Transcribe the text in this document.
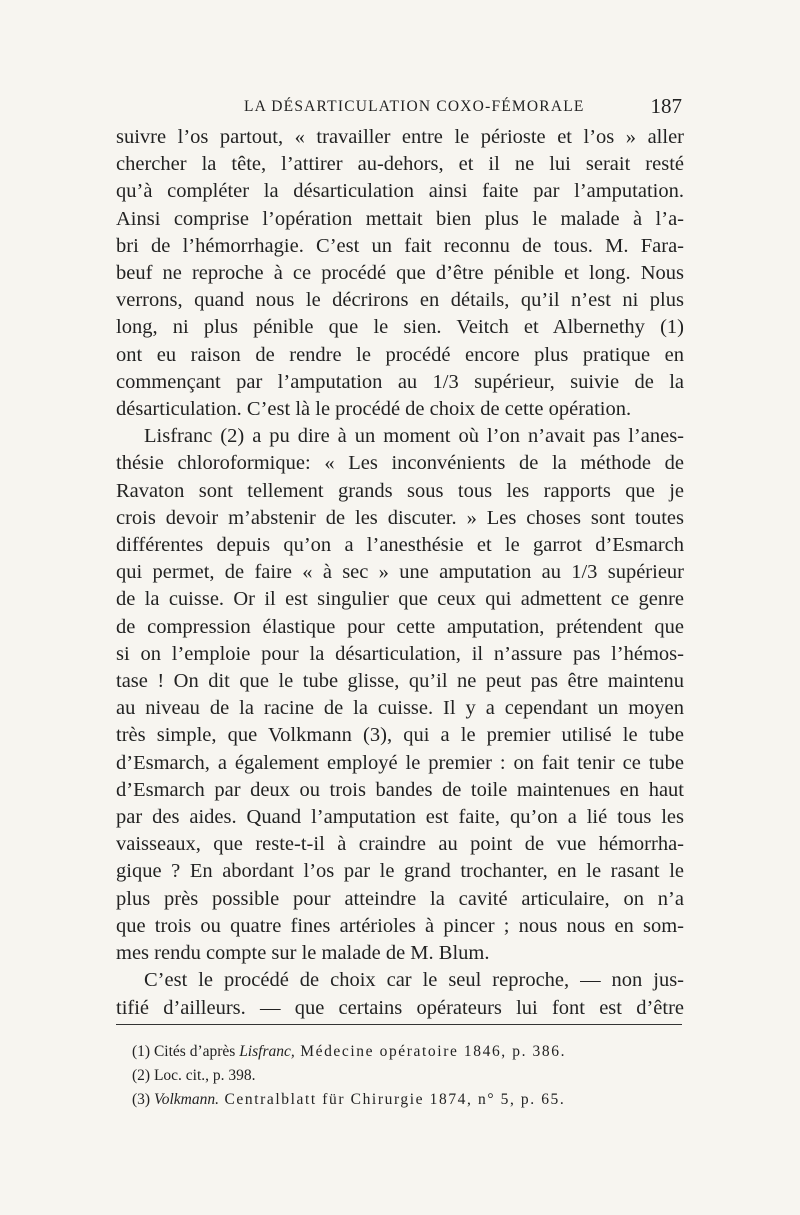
LA DÉSARTICULATION COXO-FÉMORALE	187
suivre l’os partout, « travailler entre le périoste et l’os » aller
chercher la tête, l’attirer au-dehors, et il ne lui serait resté
qu’à compléter la désarticulation ainsi faite par l’amputation.
Ainsi comprise l’opération mettait bien plus le malade à l’a-
bri de l’hémorrhagie. C’est un fait reconnu de tous. M. Fara-
beuf ne reproche à ce procédé que d’être pénible et long. Nous
verrons, quand nous le décrirons en détails, qu’il n’est ni plus
long, ni plus pénible que le sien. Veitch et Albernethy (1)
ont eu raison de rendre le procédé encore plus pratique en
commençant par l’amputation au 1/3 supérieur, suivie de la
désarticulation. C’est là le procédé de choix de cette opération.
Lisfranc (2) a pu dire à un moment où l’on n’avait pas l’anes-
thésie chloroformique: « Les inconvénients de la méthode de
Ravaton sont tellement grands sous tous les rapports que je
crois devoir m’abstenir de les discuter. » Les choses sont toutes
différentes depuis qu’on a l’anesthésie et le garrot d’Esmarch
qui permet, de faire « à sec » une amputation au 1/3 supérieur
de la cuisse. Or il est singulier que ceux qui admettent ce genre
de compression élastique pour cette amputation, prétendent que
si on l’emploie pour la désarticulation, il n’assure pas l’hémos-
tase ! On dit que le tube glisse, qu’il ne peut pas être maintenu
au niveau de la racine de la cuisse. Il y a cependant un moyen
très simple, que Volkmann (3), qui a le premier utilisé le tube
d’Esmarch, a également employé le premier : on fait tenir ce tube
d’Esmarch par deux ou trois bandes de toile maintenues en haut
par des aides. Quand l’amputation est faite, qu’on a lié tous les
vaisseaux, que reste-t-il à craindre au point de vue hémorrha-
gique ? En abordant l’os par le grand trochanter, en le rasant le
plus près possible pour atteindre la cavité articulaire, on n’a
que trois ou quatre fines artérioles à pincer ; nous nous en som-
mes rendu compte sur le malade de M. Blum.
C’est le procédé de choix car le seul reproche, — non jus-
tifié d’ailleurs. — que certains opérateurs lui font est d’être
(1) Cités d’après Lisfranc, Médecine opératoire 1846, p. 386.
(2) Loc. cit., p. 398.
(3) Volkmann. Centralblatt für Chirurgie 1874, n° 5, p. 65.
